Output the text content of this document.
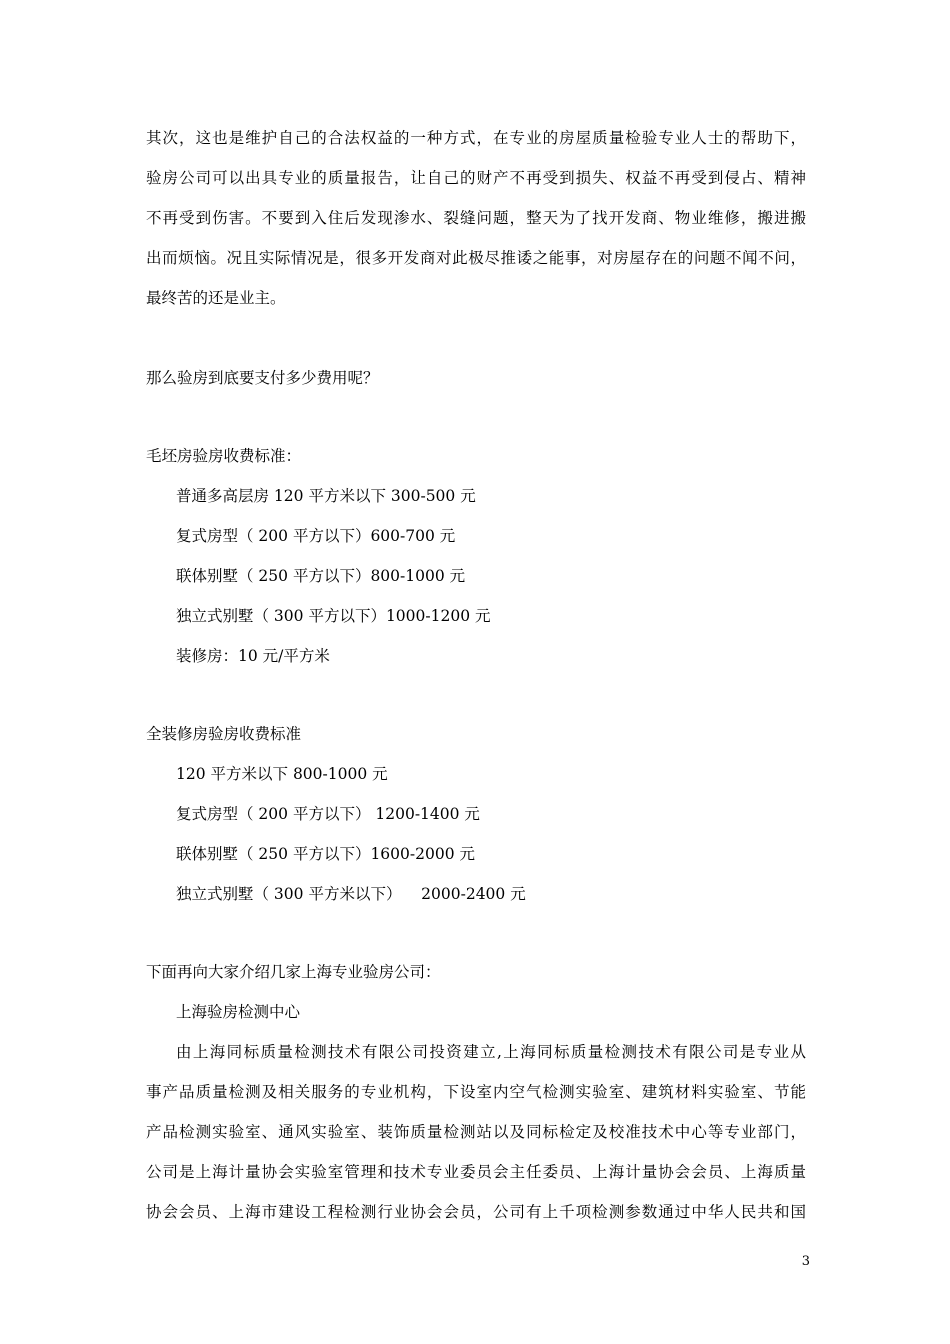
其次，这也是维护自己的合法权益的一种方式，在专业的房屋质量检验专业人士的帮助下，
验房公司可以出具专业的质量报告，让自己的财产不再受到损失、权益不再受到侵占、精神
不再受到伤害。不要到入住后发现渗水、裂缝问题，整天为了找开发商、物业维修，搬进搬
出而烦恼。况且实际情况是，很多开发商对此极尽推诿之能事，对房屋存在的问题不闻不问，
最终苦的还是业主。
那么验房到底要支付多少费用呢？
毛坯房验房收费标准：
普通多高层房 120 平方米以下 300-500 元
复式房型（ 200 平方以下）600-700 元
联体别墅（ 250 平方以下）800-1000 元
独立式别墅（ 300 平方以下）1000-1200 元
装修房：10 元/平方米
全装修房验房收费标准
120 平方米以下 800-1000 元
复式房型（ 200 平方以下） 1200-1400 元
联体别墅（ 250 平方以下）1600-2000 元
独立式别墅（ 300 平方米以下）    2000-2400 元
下面再向大家介绍几家上海专业验房公司：
上海验房检测中心
由上海同标质量检测技术有限公司投资建立,上海同标质量检测技术有限公司是专业从
事产品质量检测及相关服务的专业机构，下设室内空气检测实验室、建筑材料实验室、节能
产品检测实验室、通风实验室、装饰质量检测站以及同标检定及校准技术中心等专业部门，
公司是上海计量协会实验室管理和技术专业委员会主任委员、上海计量协会会员、上海质量
协会会员、上海市建设工程检测行业协会会员，公司有上千项检测参数通过中华人民共和国
3
